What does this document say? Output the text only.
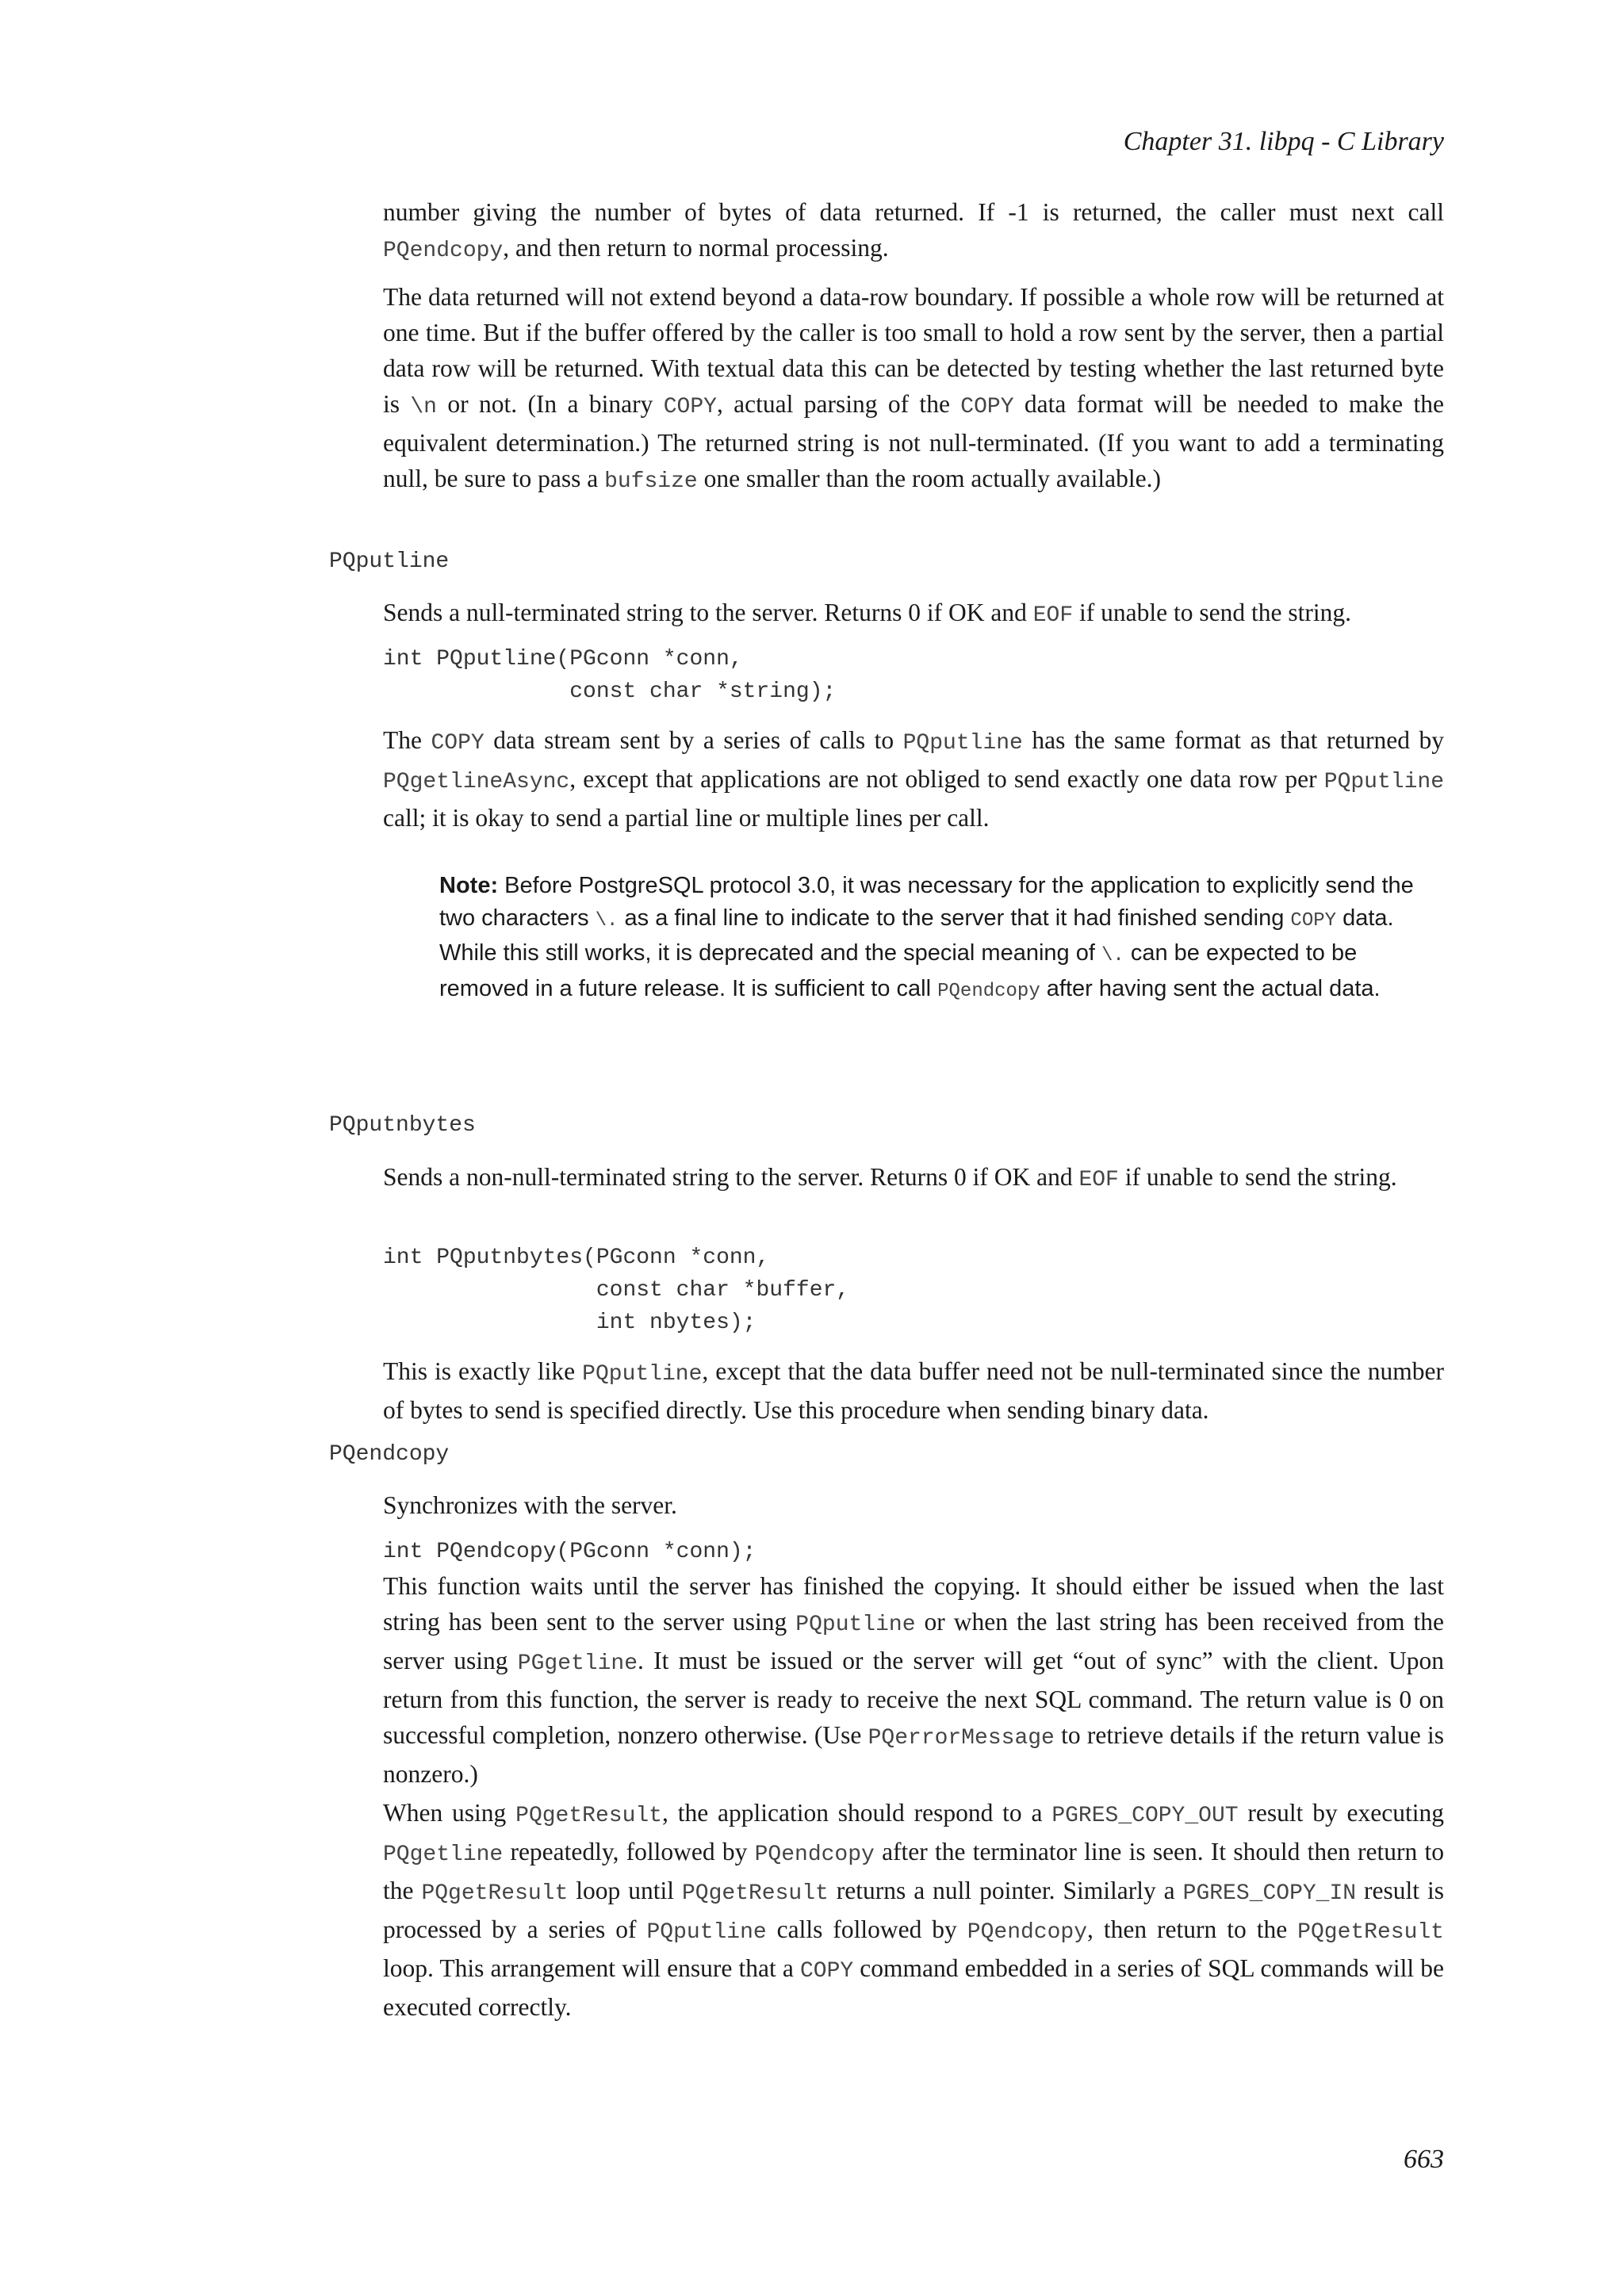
Chapter 31. libpq - C Library

number giving the number of bytes of data returned. If -1 is returned, the caller must next call PQendcopy, and then return to normal processing.

The data returned will not extend beyond a data-row boundary. If possible a whole row will be returned at one time. But if the buffer offered by the caller is too small to hold a row sent by the server, then a partial data row will be returned. With textual data this can be detected by testing whether the last returned byte is \n or not. (In a binary COPY, actual parsing of the COPY data format will be needed to make the equivalent determination.) The returned string is not null-terminated. (If you want to add a terminating null, be sure to pass a bufsize one smaller than the room actually available.)

PQputline

Sends a null-terminated string to the server. Returns 0 if OK and EOF if unable to send the string.

int PQputline(PGconn *conn,
const char *string);

The COPY data stream sent by a series of calls to PQputline has the same format as that returned by PQgetlineAsync, except that applications are not obliged to send exactly one data row per PQputline call; it is okay to send a partial line or multiple lines per call.

Note: Before PostgreSQL protocol 3.0, it was necessary for the application to explicitly send the two characters \. as a final line to indicate to the server that it had finished sending COPY data. While this still works, it is deprecated and the special meaning of \. can be expected to be removed in a future release. It is sufficient to call PQendcopy after having sent the actual data.

PQputnbytes

Sends a non-null-terminated string to the server. Returns 0 if OK and EOF if unable to send the string.

int PQputnbytes(PGconn *conn,
const char *buffer,
int nbytes);

This is exactly like PQputline, except that the data buffer need not be null-terminated since the number of bytes to send is specified directly. Use this procedure when sending binary data.

PQendcopy

Synchronizes with the server.

int PQendcopy(PGconn *conn);

This function waits until the server has finished the copying. It should either be issued when the last string has been sent to the server using PQputline or when the last string has been received from the server using PGgetline. It must be issued or the server will get “out of sync” with the client. Upon return from this function, the server is ready to receive the next SQL command. The return value is 0 on successful completion, nonzero otherwise. (Use PQerrorMessage to retrieve details if the return value is nonzero.)

When using PQgetResult, the application should respond to a PGRES_COPY_OUT result by executing PQgetline repeatedly, followed by PQendcopy after the terminator line is seen. It should then return to the PQgetResult loop until PQgetResult returns a null pointer. Similarly a PGRES_COPY_IN result is processed by a series of PQputline calls followed by PQendcopy, then return to the PQgetResult loop. This arrangement will ensure that a COPY command embedded in a series of SQL commands will be executed correctly.

663
